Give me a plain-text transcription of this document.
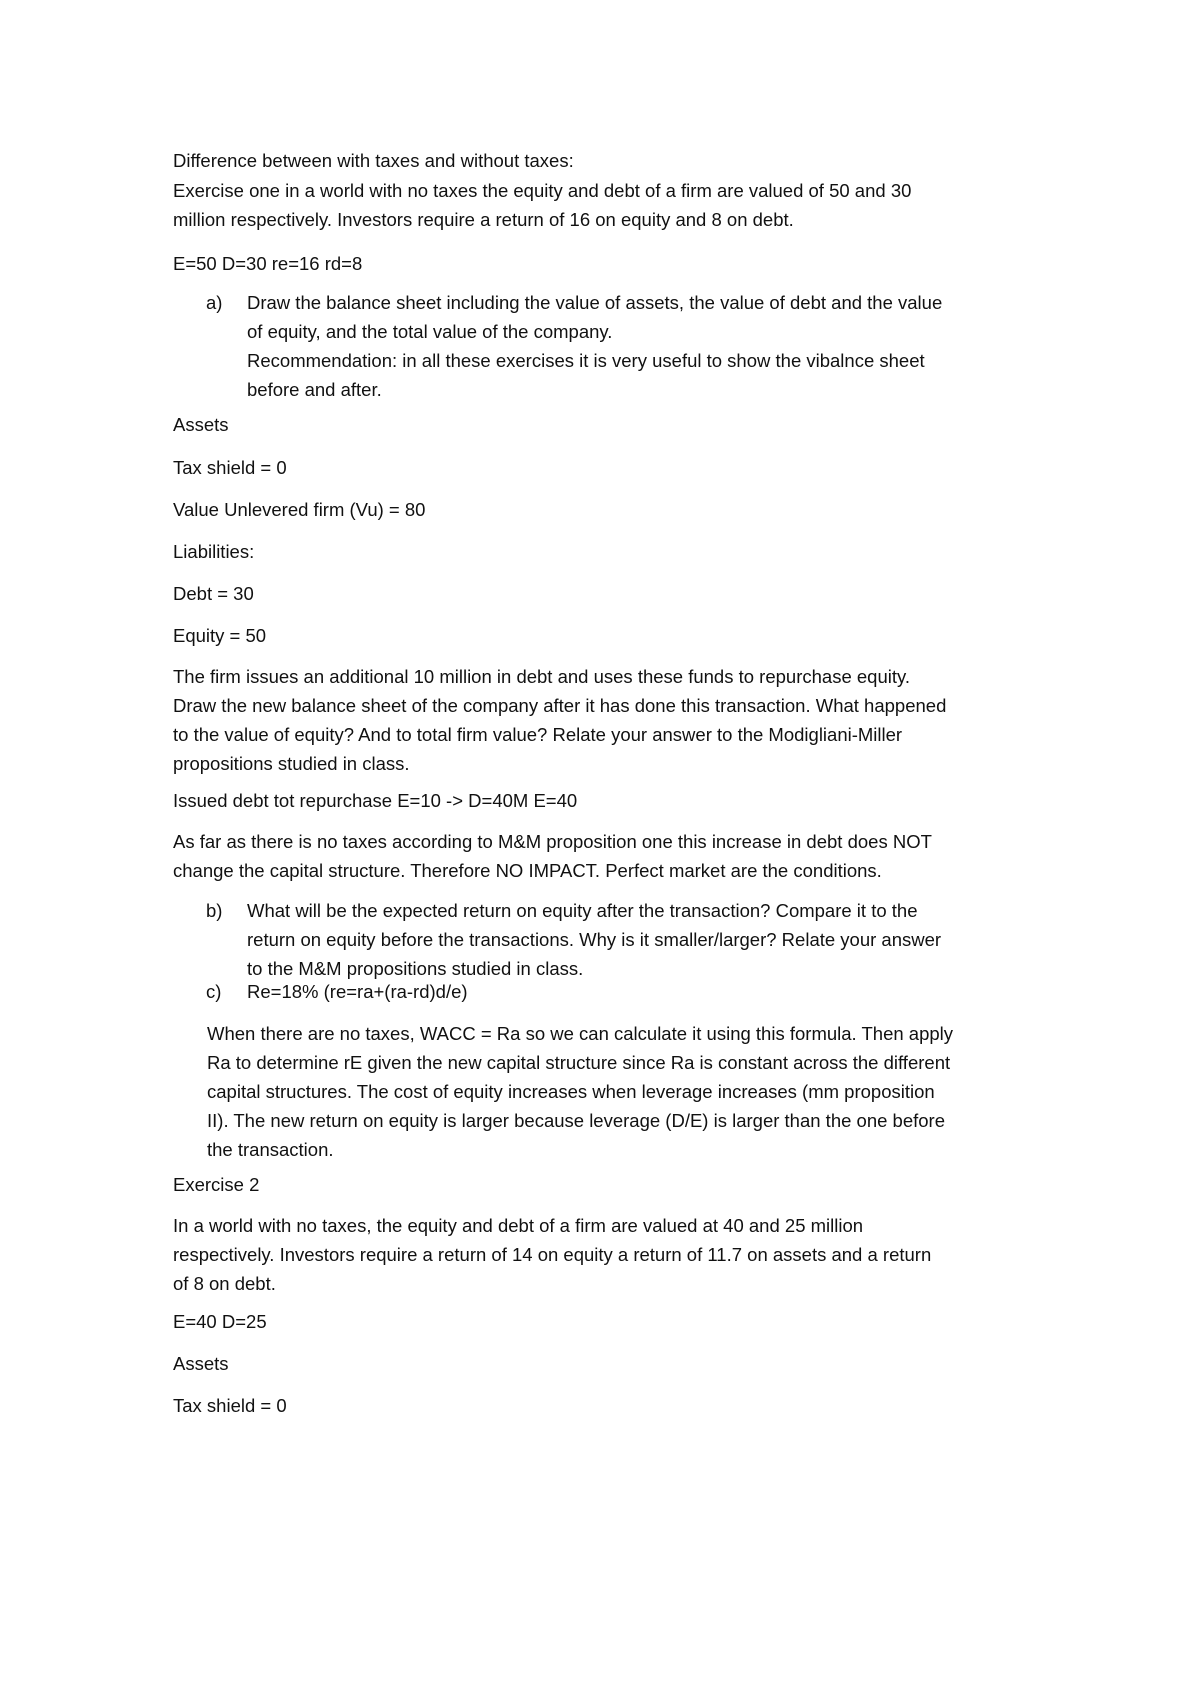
Difference between with taxes and without taxes:

Exercise one in a world with no taxes the equity and debt of a firm are valued of 50 and 30
million respectively. Investors require a return of 16 on equity and 8 on debt.

E=50 D=30 re=16 rd=8

a) Draw the balance sheet including the value of assets, the value of debt and the value
of equity, and the total value of the company.
Recommendation: in all these exercises it is very useful to show the vibalnce sheet
before and after.

Assets

Tax shield = 0

Value Unlevered firm (Vu) = 80

Liabilities:

Debt = 30

Equity = 50

The firm issues an additional 10 million in debt and uses these funds to repurchase equity.
Draw the new balance sheet of the company after it has done this transaction. What happened
to the value of equity? And to total firm value? Relate your answer to the Modigliani-Miller
propositions studied in class.

Issued debt tot repurchase E=10 -> D=40M E=40

As far as there is no taxes according to M&M proposition one this increase in debt does NOT
change the capital structure. Therefore NO IMPACT. Perfect market are the conditions.
b) What will be the expected return on equity after the transaction? Compare it to the
return on equity before the transactions. Why is it smaller/larger? Relate your answer
to the M&M propositions studied in class.
c) Re=18% (re=ra+(ra-rd)d/e)
When there are no taxes, WACC = Ra so we can calculate it using this formula. Then apply
Ra to determine rE given the new capital structure since Ra is constant across the different
capital structures. The cost of equity increases when leverage increases (mm proposition
II). The new return on equity is larger because leverage (D/E) is larger than the one before
the transaction.

Exercise 2

In a world with no taxes, the equity and debt of a firm are valued at 40 and 25 million
respectively. Investors require a return of 14 on equity a return of 11.7 on assets and a return
of 8 on debt.

E=40 D=25

Assets

Tax shield = 0
